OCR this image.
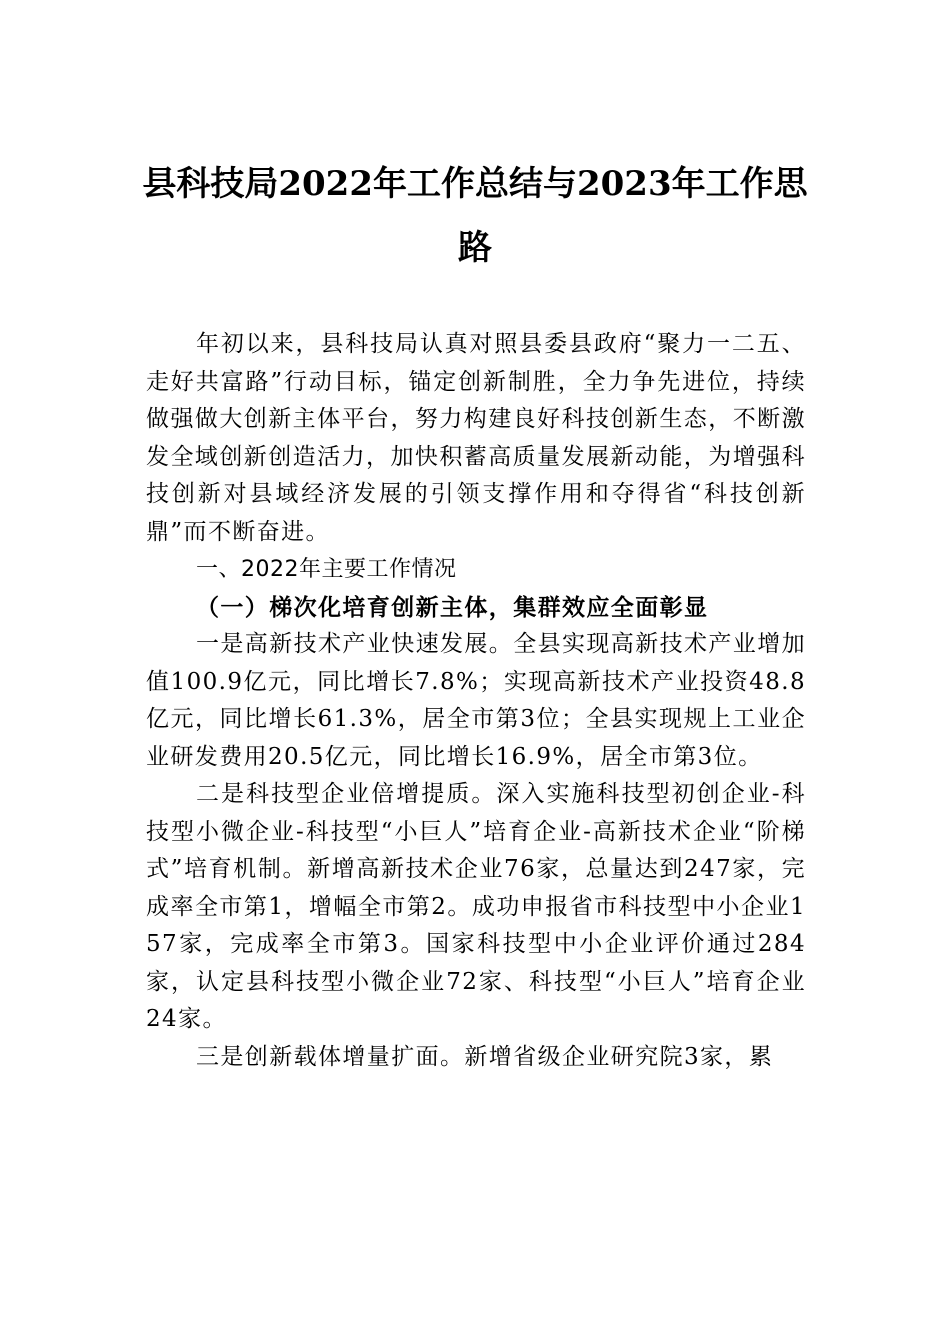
县科技局2022年工作总结与2023年工作思
路

年初以来，县科技局认真对照县委县政府“聚力一二五、走好共富路”行动目标，锚定创新制胜，全力争先进位，持续做强做大创新主体平台，努力构建良好科技创新生态，不断激发全域创新创造活力，加快积蓄高质量发展新动能，为增强科技创新对县域经济发展的引领支撑作用和夺得省“科技创新鼎”而不断奋进。

一、2022年主要工作情况

（一）梯次化培育创新主体，集群效应全面彰显

一是高新技术产业快速发展。全县实现高新技术产业增加值100.9亿元，同比增长7.8%；实现高新技术产业投资48.8亿元，同比增长61.3%，居全市第3位；全县实现规上工业企业研发费用20.5亿元，同比增长16.9%，居全市第3位。

二是科技型企业倍增提质。深入实施科技型初创企业-科技型小微企业-科技型“小巨人”培育企业-高新技术企业“阶梯式”培育机制。新增高新技术企业76家，总量达到247家，完成率全市第1，增幅全市第2。成功申报省市科技型中小企业157家，完成率全市第3。国家科技型中小企业评价通过284家，认定县科技型小微企业72家、科技型“小巨人”培育企业24家。

三是创新载体增量扩面。新增省级企业研究院3家，累
